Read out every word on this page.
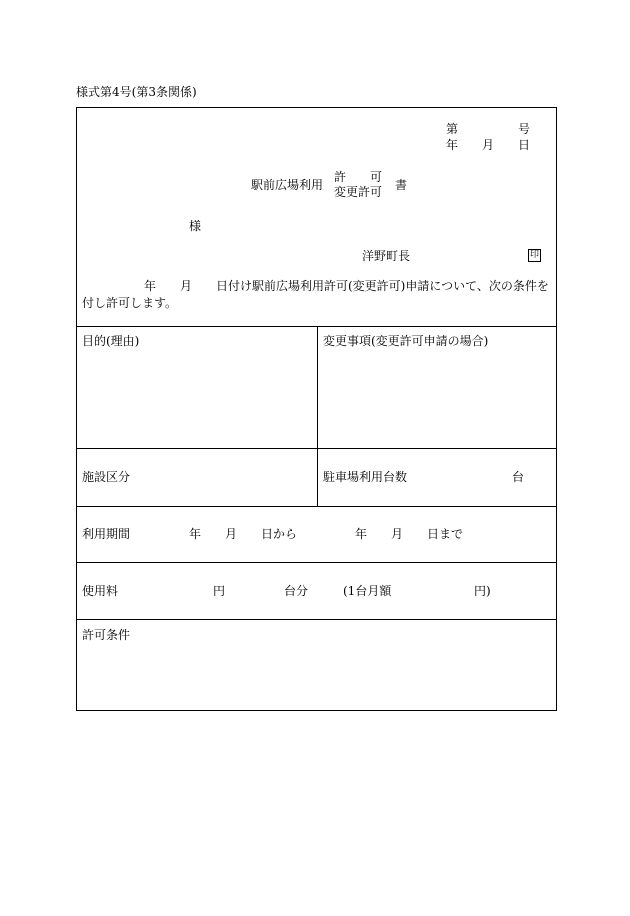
様式第4号(第3条関係)
第	号
年 月 日
駅前広場利用
許　　可
変更許可 書
様
洋野町長	印
年 月 日付け駅前広場利用許可(変更許可)申請について、次の条件を
付し許可します。
目的(理由)	変更事項(変更許可申請の場合)
施設区分	駐車場利用台数	台
利用期間	年 月 日から	年 月 日まで
使用料	円	台分	(1台月額	円)
許可条件
